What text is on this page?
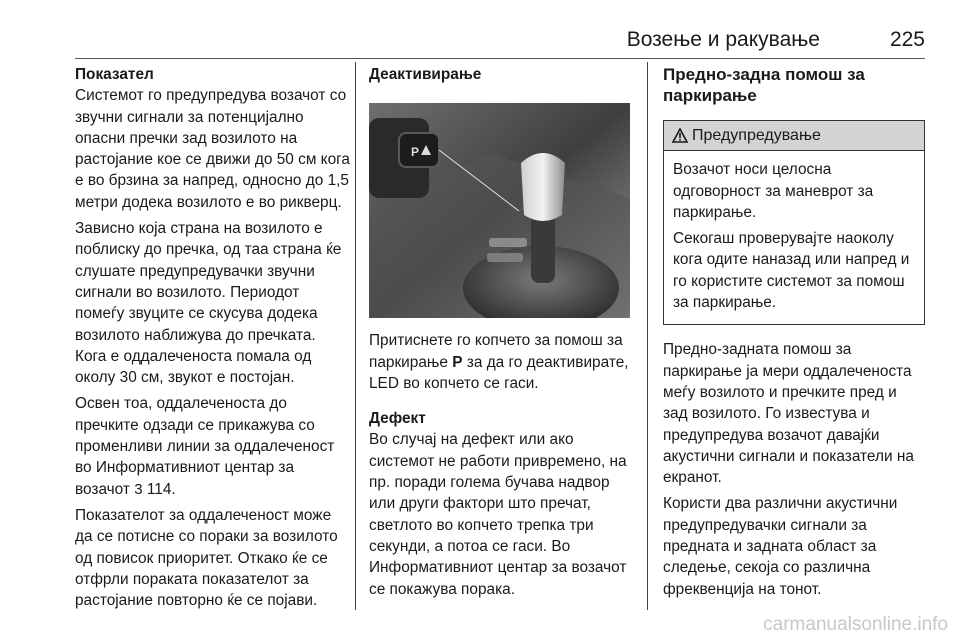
Возење и ракување	225
Показател

Системот го предупредува возачот со звучни сигнали за потенцијално опасни пречки зад возилото на растојание кое се движи до 50 см кога е во брзина за напред, односно до 1,5 метри додека возилото е во рикверц.

Зависно која страна на возилото е поблиску до пречка, од таа страна ќе слушате предупредувачки звучни сигнали во возилото. Периодот помеѓу звуците се скусува додека возилото наближува до пречката. Кога е оддалеченоста помала од околу 30 см, звукот е постојан.

Освен тоа, оддалеченоста до пречките одзади се прикажува со променливи линии за оддалеченост во Информативниот центар за возачот 3 114.

Показателот за оддалеченост може да се потисне со пораки за возилото од повисок приоритет. Откако ќе се отфрли пораката показателот за растојание повторно ќе се појави.

Деактивирање
P

Притиснете го копчето за помош за паркирање P за да го деактивирате, LED во копчето се гаси.

Дефект

Во случај на дефект или ако системот не работи привремено, на пр. поради голема бучава надвор или други фактори што пречат, светлото во копчето трепка три секунди, а потоа се гаси. Во Информативниот центар за возачот се покажува порака.

Предно-задна помош за паркирање
Предупредување

Возачот носи целосна одговорност за маневрот за паркирање.

Секогаш проверувајте наоколу кога одите наназад или напред и го користите системот за помош за паркирање.

Предно-задната помош за паркирање ја мери оддалеченоста меѓу возилото и пречките пред и зад возилото. Го известува и предупредува возачот давајќи акустични сигнали и показатели на екранот.

Користи два различни акустични предупредувачки сигнали за предната и задната област за следење, секоја со различна фреквенција на тонот.

carmanualsonline.info
